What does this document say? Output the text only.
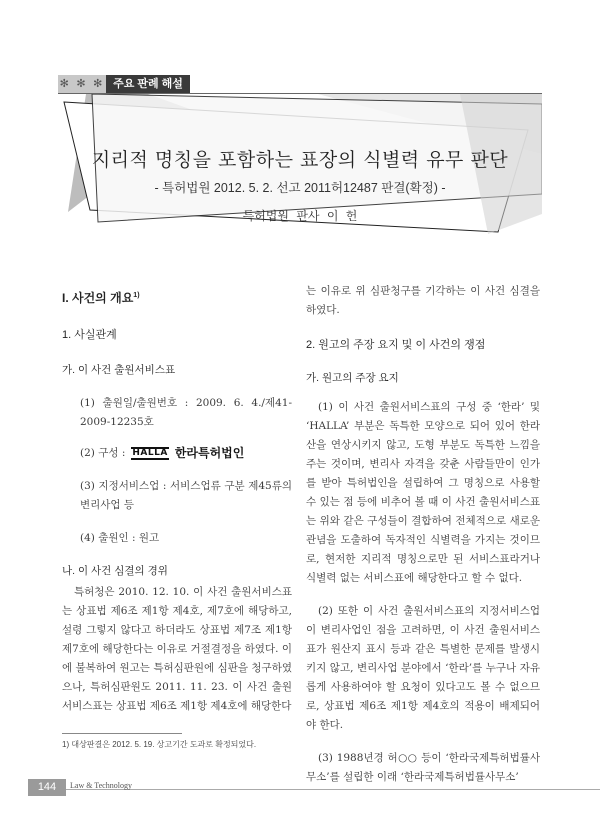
✻ ✻ ✻ 주요 판례 해설
지리적 명칭을 포함하는 표장의 식별력 유무 판단
- 특허법원 2012. 5. 2. 선고 2011허12487 판결(확정) -
특허법원 판사 이 헌
I. 사건의 개요$^{1)}$
1. 사실관계
가. 이 사건 출원서비스표

(1) 출원일/출원번호 : 2009. 6. 4./제41-2009-12235호

(2) 구성 : HALLA 한라특허법인

(3) 지정서비스업 : 서비스업류 구분 제45류의 변리사업 등

(4) 출원인 : 원고

나. 이 사건 심결의 경위

특허청은 2010. 12. 10. 이 사건 출원서비스표는 상표법 제6조 제1항 제4호, 제7호에 해당하고, 설령 그렇지 않다고 하더라도 상표법 제7조 제1항 제7호에 해당한다는 이유로 거절결정을 하였다. 이에 불복하여 원고는 특허심판원에 심판을 청구하였으나, 특허심판원도 2011. 11. 23. 이 사건 출원서비스표는 상표법 제6조 제1항 제4호에 해당한다

는 이유로 위 심판청구를 기각하는 이 사건 심결을 하였다.

2. 원고의 주장 요지 및 이 사건의 쟁점
가. 원고의 주장 요지

(1) 이 사건 출원서비스표의 구성 중 ‘한라’ 및 ‘HALLA’ 부분은 독특한 모양으로 되어 있어 한라산을 연상시키지 않고, 도형 부분도 독특한 느낌을 주는 것이며, 변리사 자격을 갖춘 사람들만이 인가를 받아 특허법인을 설립하여 그 명칭으로 사용할 수 있는 점 등에 비추어 볼 때 이 사건 출원서비스표는 위와 같은 구성들이 결합하여 전체적으로 새로운 관념을 도출하여 독자적인 식별력을 가지는 것이므로, 현저한 지리적 명칭으로만 된 서비스표라거나 식별력 없는 서비스표에 해당한다고 할 수 없다.

(2) 또한 이 사건 출원서비스표의 지정서비스업이 변리사업인 점을 고려하면, 이 사건 출원서비스표가 원산지 표시 등과 같은 특별한 문제를 발생시키지 않고, 변리사업 분야에서 ‘한라’를 누구나 자유롭게 사용하여야 할 요청이 있다고도 볼 수 없으므로, 상표법 제6조 제1항 제4호의 적용이 배제되어야 한다.

(3) 1988년경 허○○ 등이 ‘한라국제특허법률사무소’를 설립한 이래 ‘한라국제특허법률사무소’

1) 대상판결은 2012. 5. 19. 상고기간 도과로 확정되었다.
144	Law & Technology
